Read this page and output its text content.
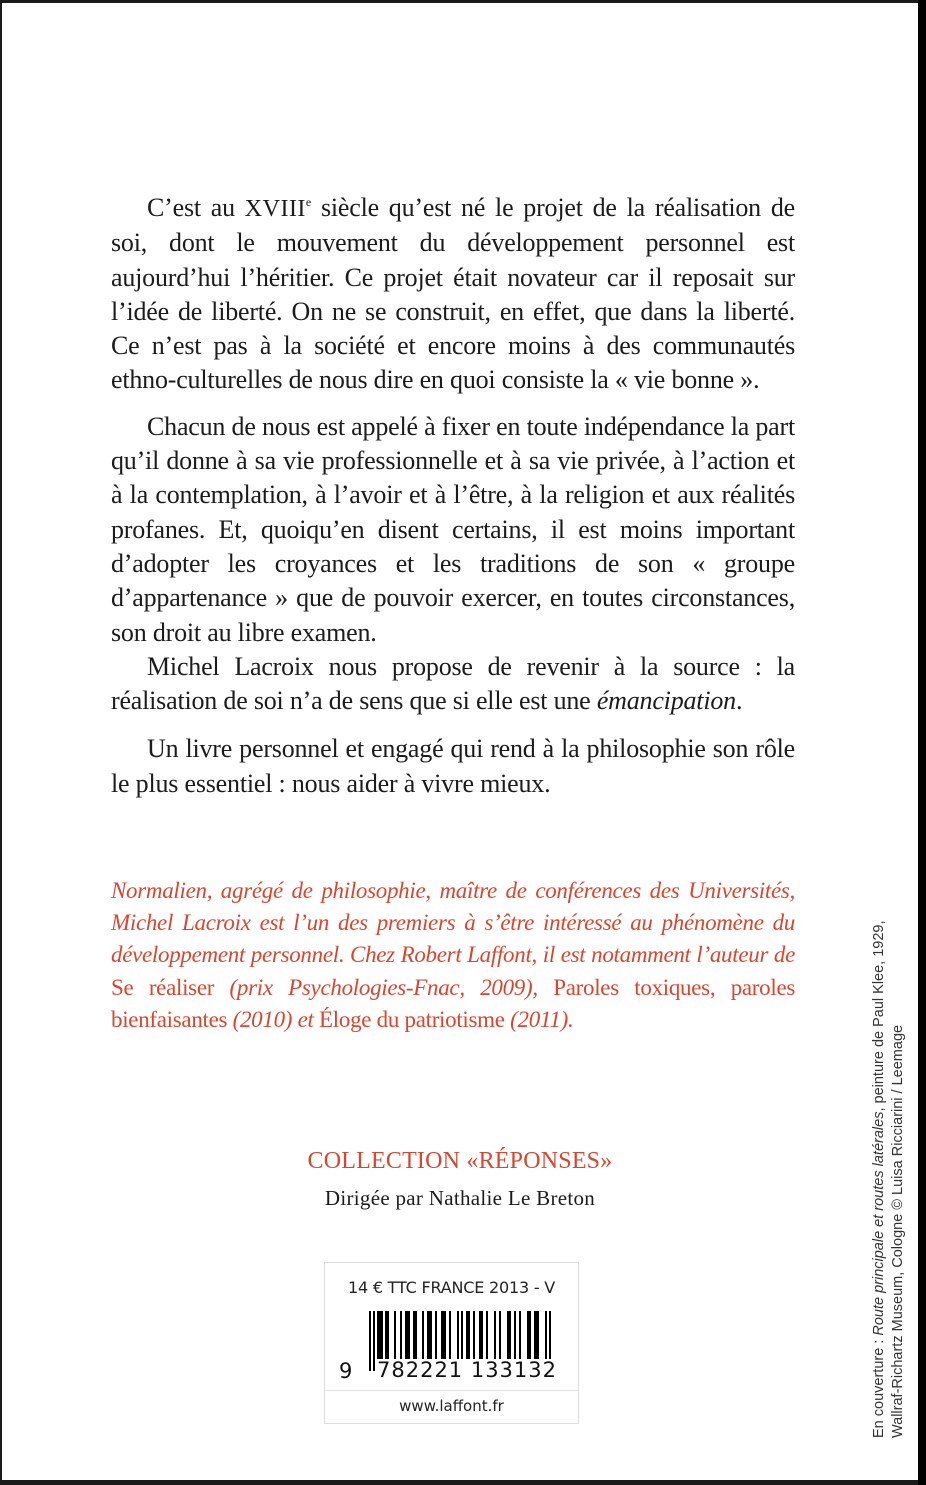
C’est au XVIIIe siècle qu’est né le projet de la réalisation de soi, dont le mouvement du développement personnel est aujourd’hui l’héritier. Ce projet était novateur car il reposait sur l’idée de liberté. On ne se construit, en effet, que dans la liberté. Ce n’est pas à la société et encore moins à des communautés ethno-culturelles de nous dire en quoi consiste la « vie bonne ».

Chacun de nous est appelé à fixer en toute indépendance la part qu’il donne à sa vie professionnelle et à sa vie privée, à l’action et à la contemplation, à l’avoir et à l’être, à la religion et aux réalités profanes. Et, quoiqu’en disent certains, il est moins important d’adopter les croyances et les traditions de son « groupe d’appartenance » que de pouvoir exercer, en toutes circonstances, son droit au libre examen.

Michel Lacroix nous propose de revenir à la source : la réalisation de soi n’a de sens que si elle est une émancipation.

Un livre personnel et engagé qui rend à la philosophie son rôle le plus essentiel : nous aider à vivre mieux.

Normalien, agrégé de philosophie, maître de conférences des Universités, Michel Lacroix est l’un des premiers à s’être intéressé au phénomène du développement personnel. Chez Robert Laffont, il est notamment l’auteur de Se réaliser (prix Psychologies-Fnac, 2009), Paroles toxiques, paroles bienfaisantes (2010) et Éloge du patriotisme (2011).
COLLECTION «RÉPONSES»
Dirigée par Nathalie Le Breton
14 € TTC FRANCE 2013 - V
9 782221 133132
www.laffont.fr	En couverture : Route principale et routes latérales, peinture de Paul Klee, 1929,
Wallraf-Richartz Museum, Cologne © Luisa Ricciarini / Leemage
